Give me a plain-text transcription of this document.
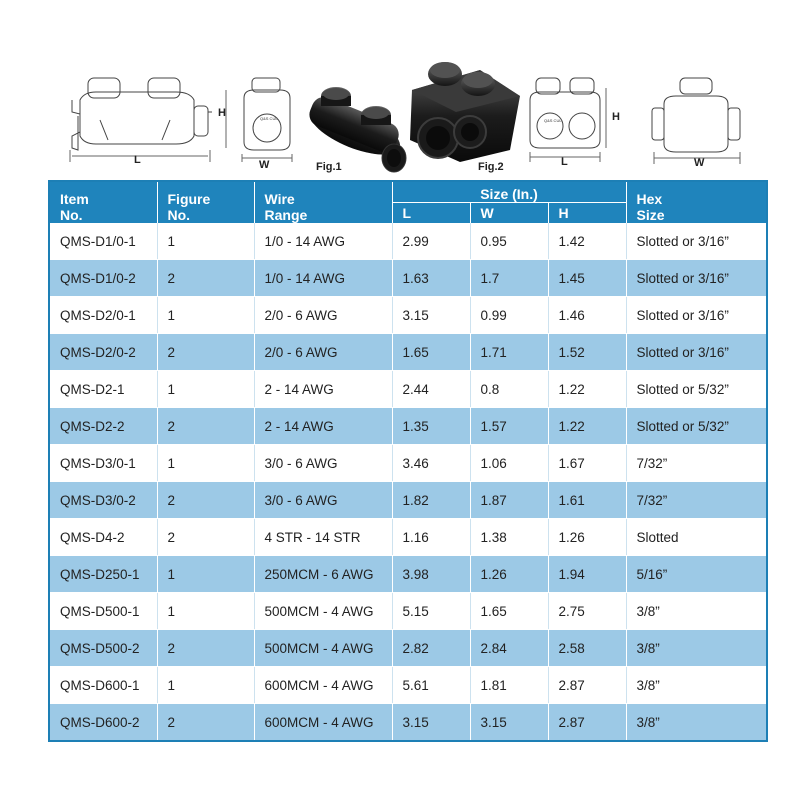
L
Q&S CUL
H
W	Fig.1	Fig.2
Q&S CUL	H
L	W
Item
No.	Figure
No.	Wire
Range	Size (In.)			Hex
Size
			L	W	H	
QMS-D1/0-1	1	1/0 - 14 AWG	2.99	0.95	1.42	Slotted or 3/16”
QMS-D1/0-2	2	1/0 - 14 AWG	1.63	1.7	1.45	Slotted or 3/16”
QMS-D2/0-1	1	2/0 - 6 AWG	3.15	0.99	1.46	Slotted or 3/16”
QMS-D2/0-2	2	2/0 - 6 AWG	1.65	1.71	1.52	Slotted or 3/16”
QMS-D2-1	1	2 - 14 AWG	2.44	0.8	1.22	Slotted or 5/32”
QMS-D2-2	2	2 - 14 AWG	1.35	1.57	1.22	Slotted or 5/32”
QMS-D3/0-1	1	3/0 - 6 AWG	3.46	1.06	1.67	7/32”
QMS-D3/0-2	2	3/0 - 6 AWG	1.82	1.87	1.61	7/32”
QMS-D4-2	2	4 STR - 14 STR	1.16	1.38	1.26	Slotted
QMS-D250-1	1	250MCM - 6 AWG	3.98	1.26	1.94	5/16”
QMS-D500-1	1	500MCM - 4 AWG	5.15	1.65	2.75	3/8”
QMS-D500-2	2	500MCM - 4 AWG	2.82	2.84	2.58	3/8”
QMS-D600-1	1	600MCM - 4 AWG	5.61	1.81	2.87	3/8”
QMS-D600-2	2	600MCM - 4 AWG	3.15	3.15	2.87	3/8”
